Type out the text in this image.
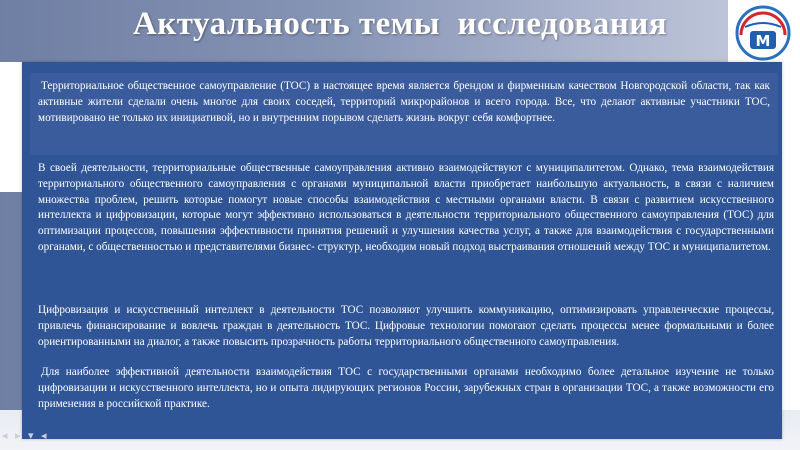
Актуальность темы  исследования	М
Территориальное общественное самоуправление (ТОС) в настоящее время является брендом и фирменным качеством Новгородской области, так как активные жители сделали очень многое для своих соседей, территорий микрорайонов и всего города. Все, что делают активные участники ТОС, мотивировано не только их инициативой, но и внутренним порывом сделать жизнь вокруг себя комфортнее.
В своей деятельности, территориальные общественные самоуправления активно взаимодействуют с муниципалитетом. Однако, тема взаимодействия территориального общественного самоуправления с органами муниципальной власти приобретает наибольшую актуальность, в связи с наличием множества проблем, решить которые помогут новые способы взаимодействия с местными органами власти. В связи с развитием искусственного интеллекта и цифровизации, которые могут эффективно использоваться в деятельности территориального общественного самоуправления (ТОС) для оптимизации процессов, повышения эффективности принятия решений и улучшения качества услуг, а также для взаимодействия с государственными органами, с общественностью и представителями бизнес- структур, необходим новый подход выстраивания отношений между ТОС и муниципалитетом.
Цифровизация и искусственный интеллект в деятельности ТОС позволяют улучшить коммуникацию, оптимизировать управленческие процессы, привлечь финансирование и вовлечь граждан в деятельность ТОС. Цифровые технологии помогают сделать процессы менее формальными и более ориентированными на диалог, а также повысить прозрачность работы территориального общественного самоуправления.
Для наиболее эффективной деятельности взаимодействия ТОС с государственными органами необходимо более детальное изучение не только цифровизации и искусственного интеллекта, но и опыта лидирующих регионов России, зарубежных стран в организации ТОС, а также возможности его применения в российской практике.
◂ ▸ ▾ ◂
